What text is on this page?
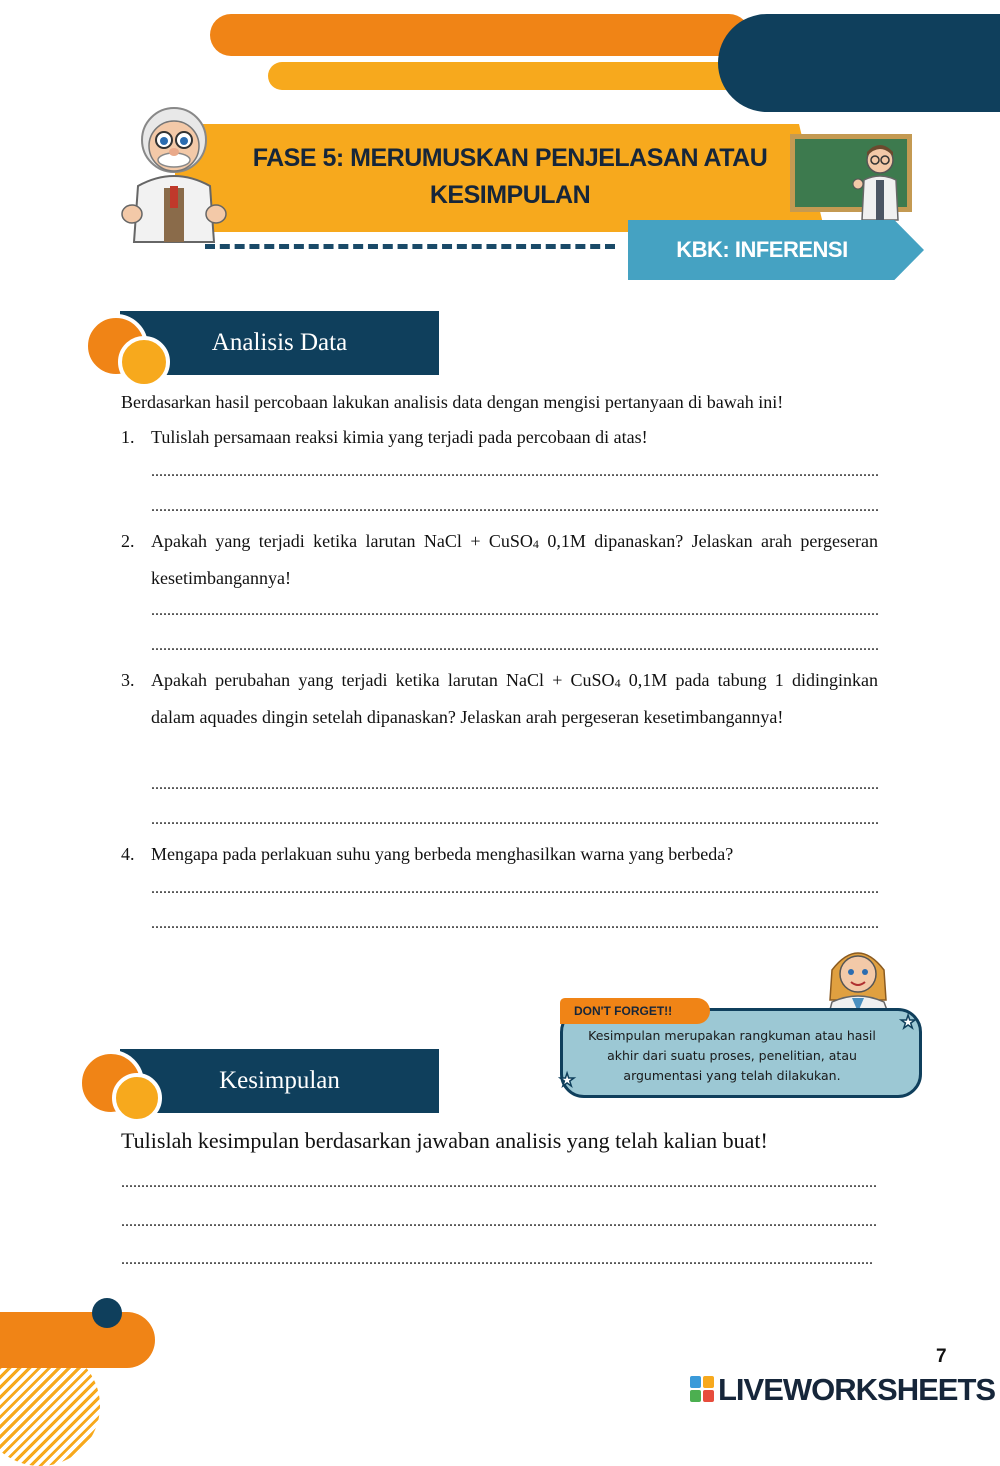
FASE 5: MERUMUSKAN PENJELASAN ATAU
KESIMPULAN
KBK: INFERENSI
Analisis Data
Berdasarkan hasil percobaan lakukan analisis data dengan mengisi pertanyaan di bawah ini!
1. Tulislah persamaan reaksi kimia yang terjadi pada percobaan di atas!
.....
.....
2. Apakah yang terjadi ketika larutan NaCl + CuSO$_4$ 0,1M dipanaskan? Jelaskan arah pergeseran kesetimbangannya!
.....
.....
3. Apakah perubahan yang terjadi ketika larutan NaCl + CuSO$_4$ 0,1M pada tabung 1 didinginkan dalam aquades dingin setelah dipanaskan? Jelaskan arah pergeseran kesetimbangannya!
.....
.....
4. Mengapa pada perlakuan suhu yang berbeda menghasilkan warna yang berbeda?
.....
.....
DON'T FORGET!!
Kesimpulan merupakan rangkuman atau hasil akhir dari suatu proses, penelitian, atau argumentasi yang telah dilakukan.
★
★
Kesimpulan
Tulislah kesimpulan berdasarkan jawaban analisis yang telah kalian buat!
.....
.....
.....
7
LIVEWORKSHEETS
